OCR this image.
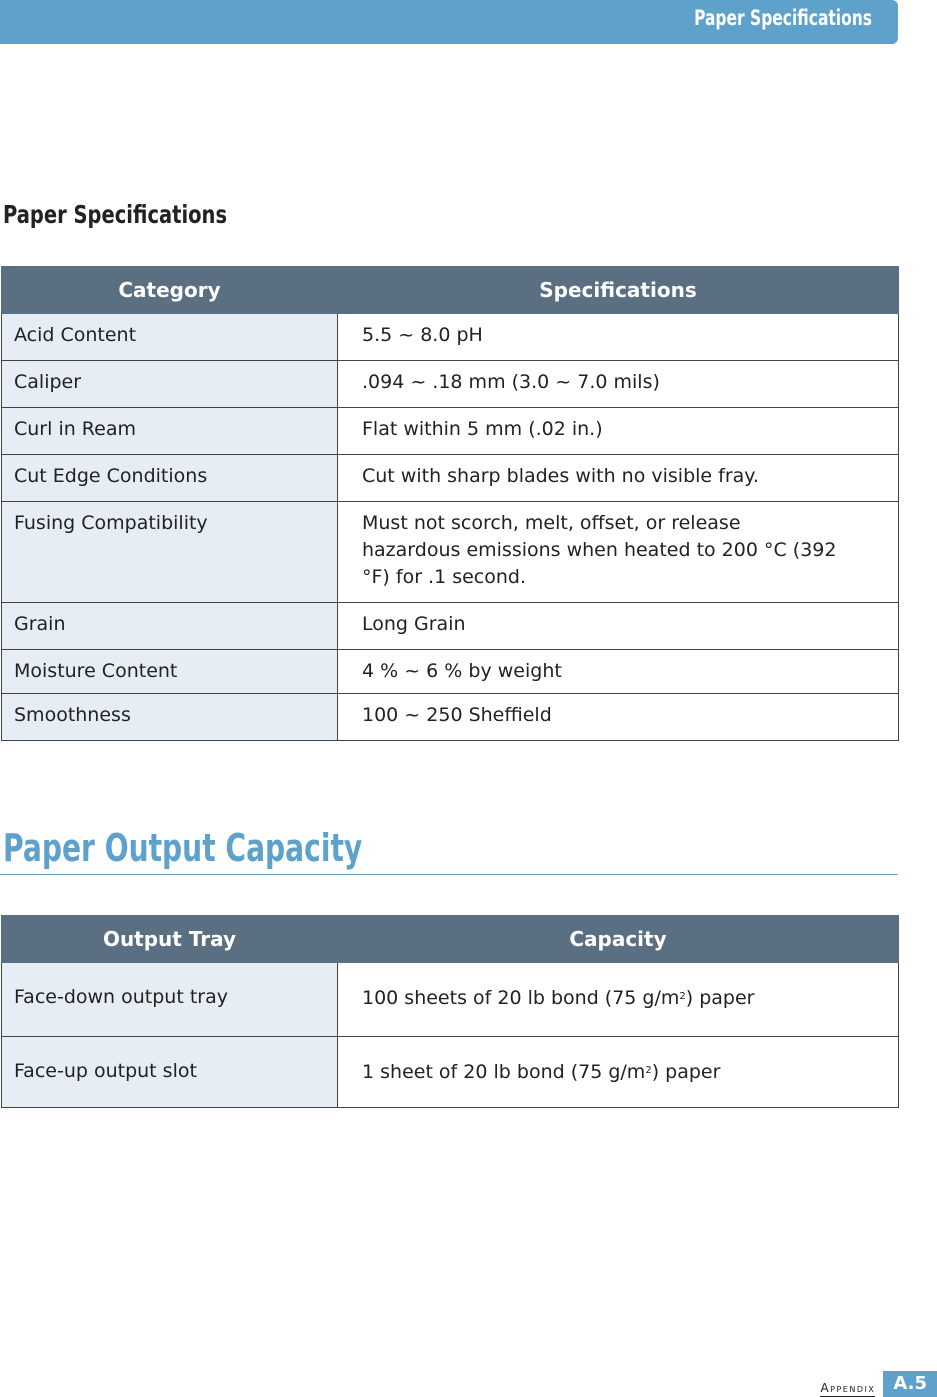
Paper Specifications
Paper Specifications
Category	Specifications
Acid Content	5.5 ~ 8.0 pH
Caliper	.094 ~ .18 mm (3.0 ~ 7.0 mils)
Curl in Ream	Flat within 5 mm (.02 in.)
Cut Edge Conditions	Cut with sharp blades with no visible fray.
Fusing Compatibility	Must not scorch, melt, offset, or release hazardous emissions when heated to 200 °C (392 °F) for .1 second.
Grain	Long Grain
Moisture Content	4 % ~ 6 % by weight
Smoothness	100 ~ 250 Sheffield
Paper Output Capacity
Output Tray	Capacity
Face-down output tray	100 sheets of 20 lb bond (75 $g/m^2$) paper
Face-up output slot	1 sheet of 20 lb bond (75 $g/m^2$) paper
Appendix	A.5
